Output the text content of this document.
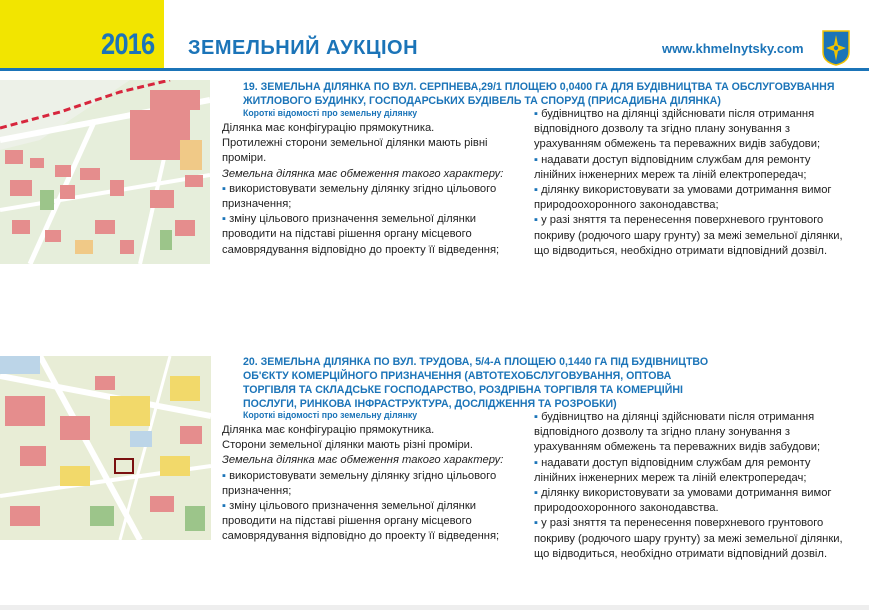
2016 ЗЕМЕЛЬНИЙ АУКЦІОН	www.khmelnytsky.com
19. ЗЕМЕЛЬНА ДІЛЯНКА ПО ВУЛ. СЕРПНЕВА,29/1 ПЛОЩЕЮ 0,0400 ГА ДЛЯ БУДІВНИЦТВА ТА ОБСЛУГОВУВАННЯ
ЖИТЛОВОГО БУДИНКУ, ГОСПОДАРСЬКИХ БУДІВЕЛЬ ТА СПОРУД (ПРИСАДИБНА ДІЛЯНКА)
Короткі відомості про земельну ділянку

Ділянка має конфігурацію прямокутника.

Протилежні сторони земельної ділянки мають рівні проміри.

Земельна ділянка має обмеження такого характеру:

▪ використовувати земельну ділянку згідно цільового призначення;

▪ зміну цільового призначення земельної ділянки проводити на підставі рішення органу місцевого самоврядування відповідно до проекту її відведення;

▪ будівництво на ділянці здійснювати після отримання відповідного дозволу та згідно плану зонування з урахуванням обмежень та переважних видів забудови;

▪ надавати доступ відповідним службам для ремонту лінійних інженерних мереж та ліній електропередач;

▪ ділянку використовувати за умовами дотримання вимог природоохоронного законодавства;

▪ у разі зняття та перенесення поверхневого грунтового покриву (родючого шару грунту) за межі земельної ділянки, що відводиться, необхідно отримати відповідний дозвіл.

20. ЗЕМЕЛЬНА ДІЛЯНКА ПО ВУЛ. ТРУДОВА, 5/4-А ПЛОЩЕЮ 0,1440 ГА ПІД БУДІВНИЦТВО
ОБ'ЄКТУ КОМЕРЦІЙНОГО ПРИЗНАЧЕННЯ (АВТОТЕХОБСЛУГОВУВАННЯ, ОПТОВА
ТОРГІВЛЯ ТА СКЛАДСЬКЕ ГОСПОДАРСТВО, РОЗДРІБНА ТОРГІВЛЯ ТА КОМЕРЦІЙНІ
ПОСЛУГИ, РИНКОВА ІНФРАСТРУКТУРА, ДОСЛІДЖЕННЯ ТА РОЗРОБКИ)
Короткі відомості про земельну ділянку

Ділянка має конфігурацію прямокутника.

Сторони земельної ділянки мають різні проміри.

Земельна ділянка має обмеження такого характеру:

▪ використовувати земельну ділянку згідно цільового призначення;

▪ зміну цільового призначення земельної ділянки проводити на підставі рішення органу місцевого самоврядування відповідно до проекту її відведення;

▪ будівництво на ділянці здійснювати після отримання відповідного дозволу та згідно плану зонування з урахуванням обмежень та переважних видів забудови;

▪ надавати доступ відповідним службам для ремонту лінійних інженерних мереж та ліній електропередач;

▪ ділянку використовувати за умовами дотримання вимог природоохоронного законодавства.

▪ у разі зняття та перенесення поверхневого грунтового покриву (родючого шару грунту) за межі земельної ділянки, що відводиться, необхідно отримати відповідний дозвіл.
